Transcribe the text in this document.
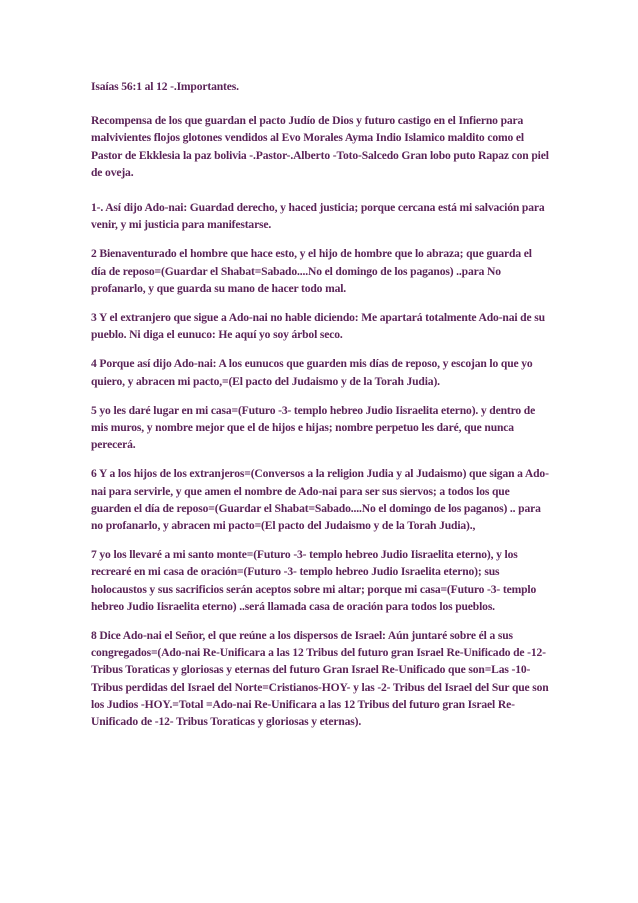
Isaías 56:1 al 12 -.Importantes.

Recompensa de los que guardan el pacto Judío de Dios y futuro castigo en el Infierno para malvivientes flojos glotones vendidos al Evo Morales Ayma Indio Islamico maldito como el Pastor de Ekklesia la paz bolivia -.Pastor-.Alberto -Toto-Salcedo Gran lobo puto Rapaz con piel de oveja.

1-. Así dijo Ado-nai: Guardad derecho, y haced justicia; porque cercana está mi salvación para venir, y mi justicia para manifestarse.

2 Bienaventurado el hombre que hace esto, y el hijo de hombre que lo abraza; que guarda el día de reposo=(Guardar el Shabat=Sabado....No el domingo de los paganos) ..para No profanarlo, y que guarda su mano de hacer todo mal.

3 Y el extranjero que sigue a Ado-nai no hable diciendo: Me apartará totalmente Ado-nai de su pueblo. Ni diga el eunuco: He aquí yo soy árbol seco.

4 Porque así dijo Ado-nai: A los eunucos que guarden mis días de reposo, y escojan lo que yo quiero, y abracen mi pacto,=(El pacto del Judaismo y de la Torah Judia).

5 yo les daré lugar en mi casa=(Futuro -3- templo hebreo Judio Iisraelita eterno). y dentro de mis muros, y nombre mejor que el de hijos e hijas; nombre perpetuo les daré, que nunca perecerá.

6 Y a los hijos de los extranjeros=(Conversos a la religion Judia y al Judaismo) que sigan a Ado-nai para servirle, y que amen el nombre de Ado-nai para ser sus siervos; a todos los que guarden el día de reposo=(Guardar el Shabat=Sabado....No el domingo de los paganos) .. para no profanarlo, y abracen mi pacto=(El pacto del Judaismo y de la Torah Judia).,

7 yo los llevaré a mi santo monte=(Futuro -3- templo hebreo Judio Iisraelita eterno), y los recrearé en mi casa de oración=(Futuro -3- templo hebreo Judio Israelita eterno); sus holocaustos y sus sacrificios serán aceptos sobre mi altar; porque mi casa=(Futuro -3- templo hebreo Judio Iisraelita eterno) ..será llamada casa de oración para todos los pueblos.

8 Dice Ado-nai el Señor, el que reúne a los dispersos de Israel: Aún juntaré sobre él a sus congregados=(Ado-nai Re-Unificara a las 12 Tribus del futuro gran Israel Re-Unificado de -12- Tribus Toraticas y gloriosas y eternas del futuro Gran Israel Re-Unificado que son=Las -10- Tribus perdidas del Israel del Norte=Cristianos-HOY- y las -2- Tribus del Israel del Sur que son los Judios -HOY.=Total =Ado-nai Re-Unificara a las 12 Tribus del futuro gran Israel Re-Unificado de -12- Tribus Toraticas y gloriosas y eternas).
